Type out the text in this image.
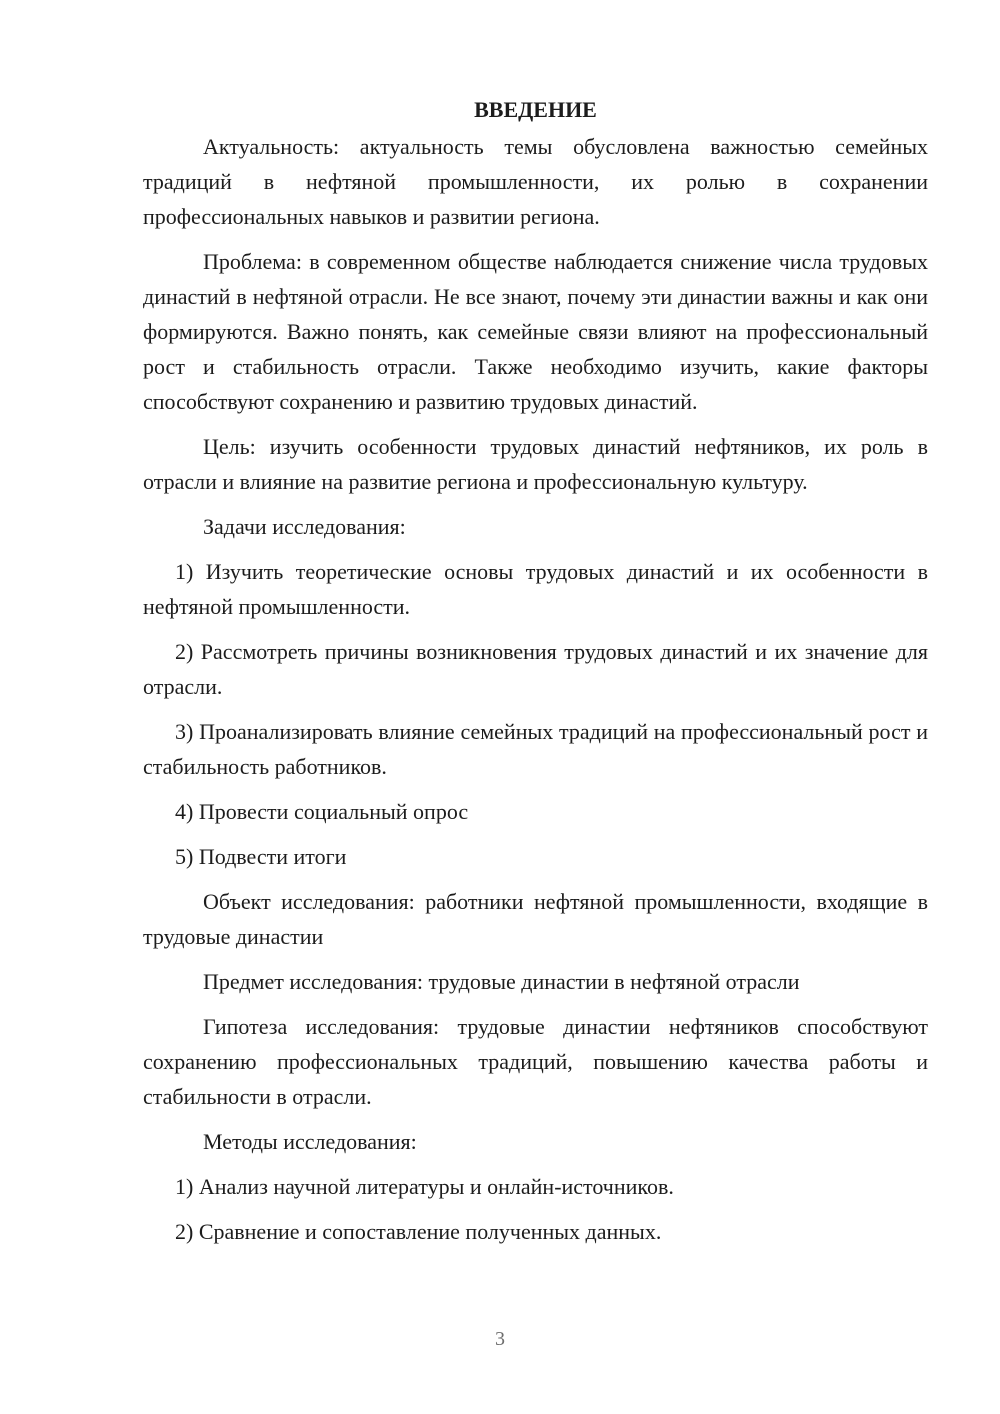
ВВЕДЕНИЕ
Актуальность: актуальность темы обусловлена важностью семейных традиций в нефтяной промышленности, их ролью в сохранении профессиональных навыков и развитии региона.
Проблема: в современном обществе наблюдается снижение числа трудовых династий в нефтяной отрасли. Не все знают, почему эти династии важны и как они формируются. Важно понять, как семейные связи влияют на профессиональный рост и стабильность отрасли. Также необходимо изучить, какие факторы способствуют сохранению и развитию трудовых династий.
Цель: изучить особенности трудовых династий нефтяников, их роль в отрасли и влияние на развитие региона и профессиональную культуру.
Задачи исследования:
1) Изучить теоретические основы трудовых династий и их особенности в нефтяной промышленности.
2) Рассмотреть причины возникновения трудовых династий и их значение для отрасли.
3) Проанализировать влияние семейных традиций на профессиональный рост и стабильность работников.
4) Провести социальный опрос
5) Подвести итоги
Объект исследования: работники нефтяной промышленности, входящие в трудовые династии
Предмет исследования: трудовые династии в нефтяной отрасли
Гипотеза исследования: трудовые династии нефтяников способствуют сохранению профессиональных традиций, повышению качества работы и стабильности в отрасли.
Методы исследования:
1) Анализ научной литературы и онлайн-источников.
2) Сравнение и сопоставление полученных данных.
3
